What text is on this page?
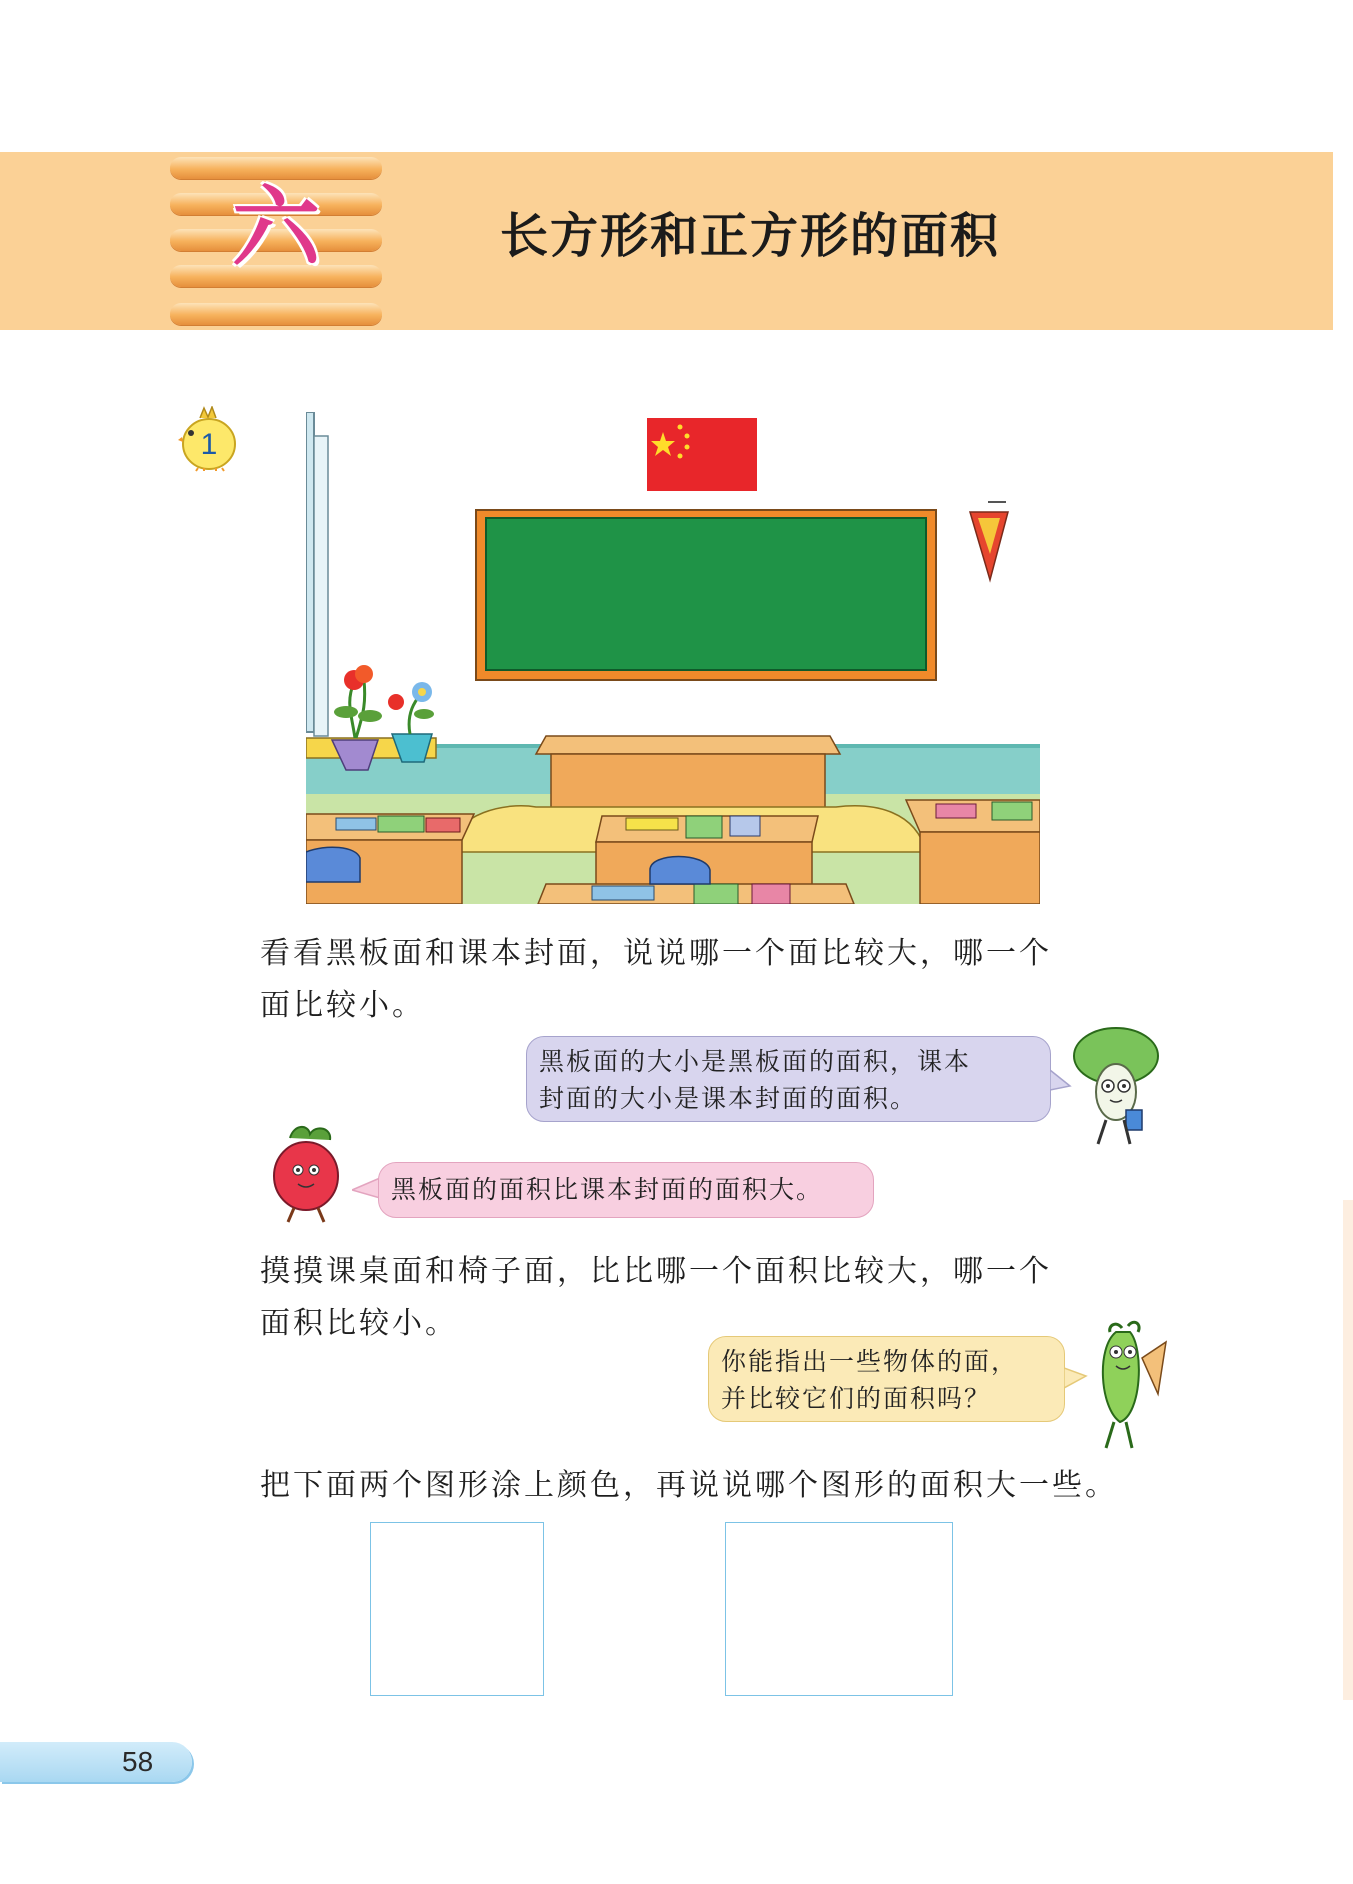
六	长方形和正方形的面积
1
看看黑板面和课本封面，说说哪一个面比较大，哪一个
面比较小。
黑板面的大小是黑板面的面积，课本
封面的大小是课本封面的面积。
黑板面的面积比课本封面的面积大。
摸摸课桌面和椅子面，比比哪一个面积比较大，哪一个
面积比较小。
你能指出一些物体的面，
并比较它们的面积吗？
把下面两个图形涂上颜色，再说说哪个图形的面积大一些。
58
